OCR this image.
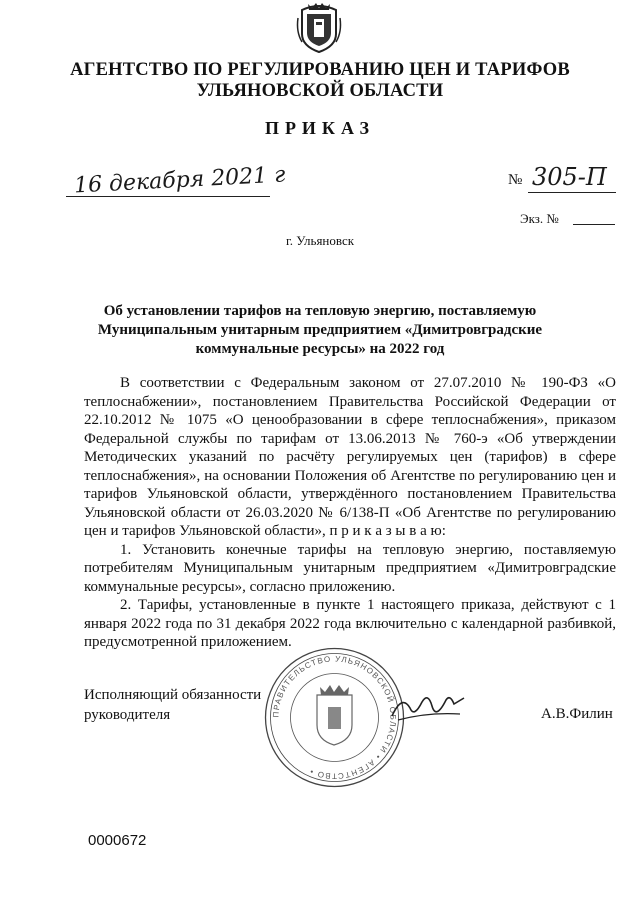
АГЕНТСТВО ПО РЕГУЛИРОВАНИЮ ЦЕН И ТАРИФОВ
УЛЬЯНОВСКОЙ ОБЛАСТИ
ПРИКАЗ
16 декабря 2021 г	№ 305-П
Экз. №
г. Ульяновск
Об установлении тарифов на тепловую энергию, поставляемую
Муниципальным унитарным предприятием «Димитровградские
коммунальные ресурсы» на 2022 год

В соответствии с Федеральным законом от 27.07.2010 № 190-ФЗ «О теплоснабжении», постановлением Правительства Российской Федерации от 22.10.2012 № 1075 «О ценообразовании в сфере теплоснабжения», приказом Федеральной службы по тарифам от 13.06.2013 № 760-э «Об утверждении Методических указаний по расчёту регулируемых цен (тарифов) в сфере теплоснабжения», на основании Положения об Агентстве по регулированию цен и тарифов Ульяновской области, утверждённого постановлением Правительства Ульяновской области от 26.03.2020 № 6/138-П «Об Агентстве по регулированию цен и тарифов Ульяновской области», п р и к а з ы в а ю:

1. Установить конечные тарифы на тепловую энергию, поставляемую потребителям Муниципальным унитарным предприятием «Димитровградские коммунальные ресурсы», согласно приложению.

2. Тарифы, установленные в пункте 1 настоящего приказа, действуют с 1 января 2022 года по 31 декабря 2022 года включительно с календарной разбивкой, предусмотренной приложением.

ПРАВИТЕЛЬСТВО УЛЬЯНОВСКОЙ ОБЛАСТИ • АГЕНТСТВО •
Исполняющий обязанности
руководителя	А.В.Филин
0000672
